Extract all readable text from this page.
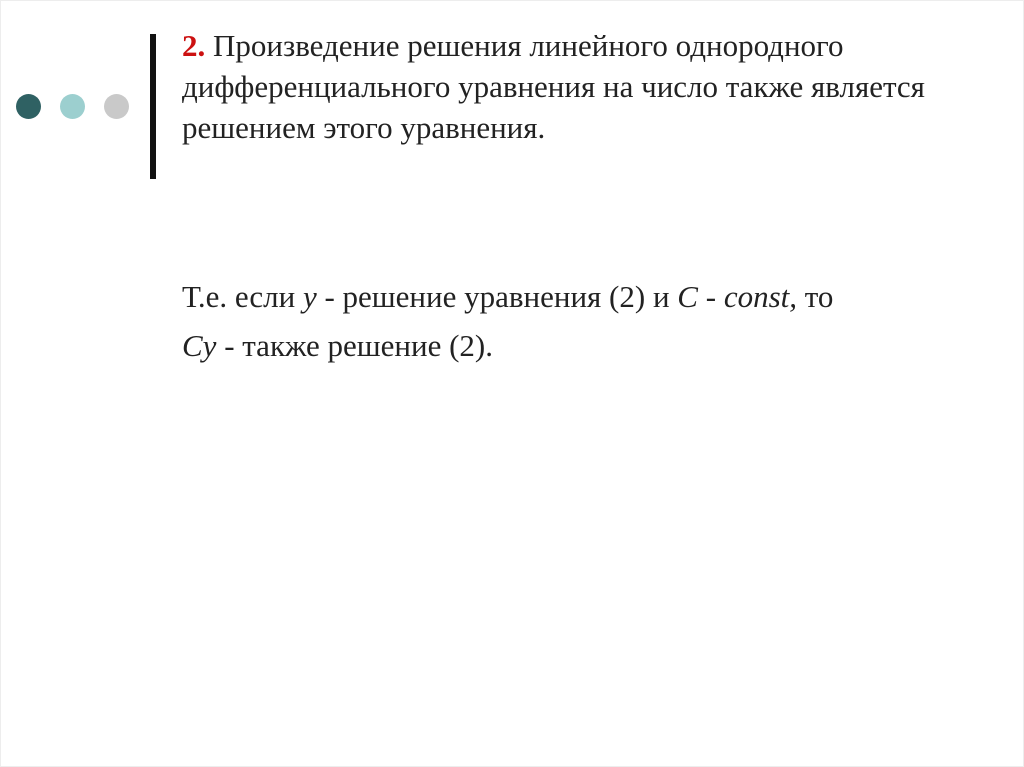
2. Произведение решения линейного однородного дифференциального уравнения на число также является решением этого уравнения.
Т.е. если y - решение уравнения (2) и C - const, то
Cy - также решение (2).
